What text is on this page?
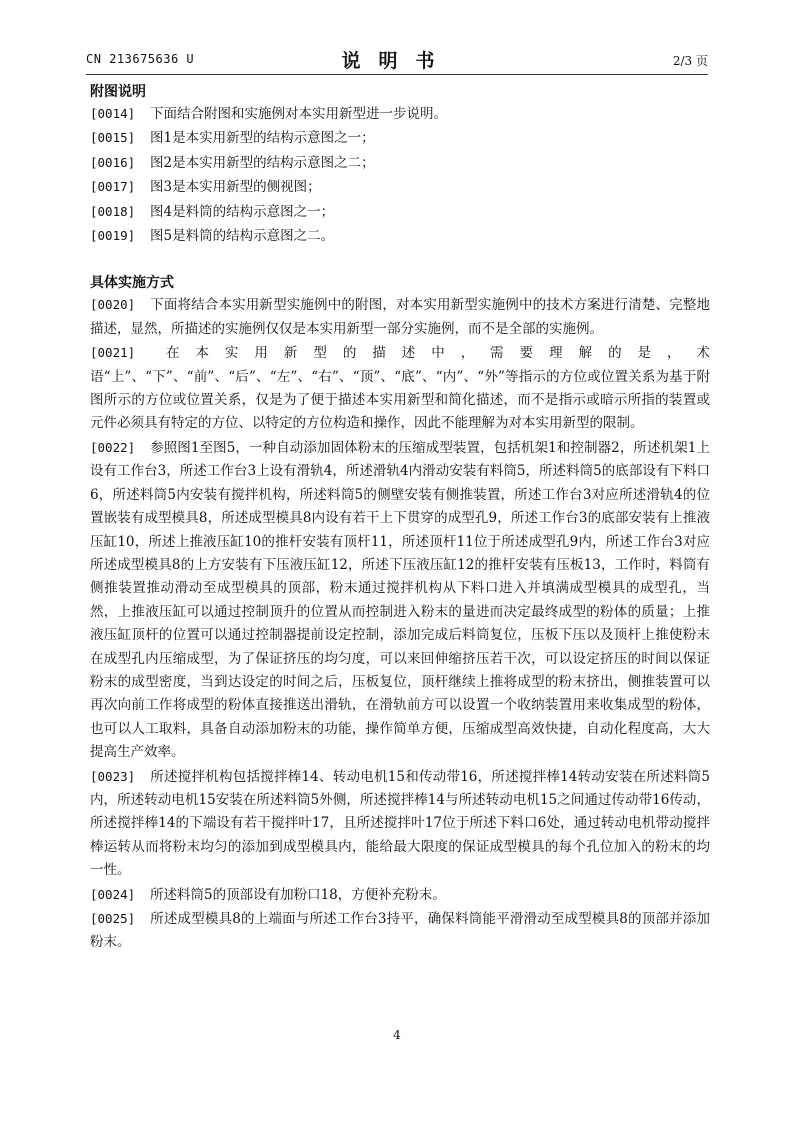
CN 213675636 U	说明书	2/3 页
附图说明
[0014] 下面结合附图和实施例对本实用新型进一步说明。
[0015] 图1是本实用新型的结构示意图之一；
[0016] 图2是本实用新型的结构示意图之二；
[0017] 图3是本实用新型的侧视图；
[0018] 图4是料筒的结构示意图之一；
[0019] 图5是料筒的结构示意图之二。
具体实施方式
[0020] 下面将结合本实用新型实施例中的附图，对本实用新型实施例中的技术方案进行清楚、完整地描述，显然，所描述的实施例仅仅是本实用新型一部分实施例，而不是全部的实施例。
[0021] 在本实用新型的描述中，需要理解的是，术语“上”、“下”、“前”、“后”、“左”、“右”、“顶”、“底”、“内”、“外”等指示的方位或位置关系为基于附图所示的方位或位置关系，仅是为了便于描述本实用新型和简化描述，而不是指示或暗示所指的装置或元件必须具有特定的方位、以特定的方位构造和操作，因此不能理解为对本实用新型的限制。
[0022] 参照图1至图5，一种自动添加固体粉末的压缩成型装置，包括机架1和控制器2，所述机架1上设有工作台3，所述工作台3上设有滑轨4，所述滑轨4内滑动安装有料筒5，所述料筒5的底部设有下料口6，所述料筒5内安装有搅拌机构，所述料筒5的侧壁安装有侧推装置，所述工作台3对应所述滑轨4的位置嵌装有成型模具8，所述成型模具8内设有若干上下贯穿的成型孔9，所述工作台3的底部安装有上推液压缸10，所述上推液压缸10的推杆安装有顶杆11，所述顶杆11位于所述成型孔9内，所述工作台3对应所述成型模具8的上方安装有下压液压缸12，所述下压液压缸12的推杆安装有压板13，工作时，料筒有侧推装置推动滑动至成型模具的顶部，粉末通过搅拌机构从下料口进入并填满成型模具的成型孔，当然，上推液压缸可以通过控制顶升的位置从而控制进入粉末的量进而决定最终成型的粉体的质量；上推液压缸顶杆的位置可以通过控制器提前设定控制，添加完成后料筒复位，压板下压以及顶杆上推使粉末在成型孔内压缩成型，为了保证挤压的均匀度，可以来回伸缩挤压若干次，可以设定挤压的时间以保证粉末的成型密度，当到达设定的时间之后，压板复位，顶杆继续上推将成型的粉末挤出，侧推装置可以再次向前工作将成型的粉体直接推送出滑轨，在滑轨前方可以设置一个收纳装置用来收集成型的粉体，也可以人工取料，具备自动添加粉末的功能，操作简单方便，压缩成型高效快捷，自动化程度高，大大提高生产效率。
[0023] 所述搅拌机构包括搅拌棒14、转动电机15和传动带16，所述搅拌棒14转动安装在所述料筒5内，所述转动电机15安装在所述料筒5外侧，所述搅拌棒14与所述转动电机15之间通过传动带16传动，所述搅拌棒14的下端设有若干搅拌叶17，且所述搅拌叶17位于所述下料口6处，通过转动电机带动搅拌棒运转从而将粉末均匀的添加到成型模具内，能给最大限度的保证成型模具的每个孔位加入的粉末的均一性。
[0024] 所述料筒5的顶部设有加粉口18，方便补充粉末。
[0025] 所述成型模具8的上端面与所述工作台3持平，确保料筒能平滑滑动至成型模具8的顶部并添加粉末。
4
